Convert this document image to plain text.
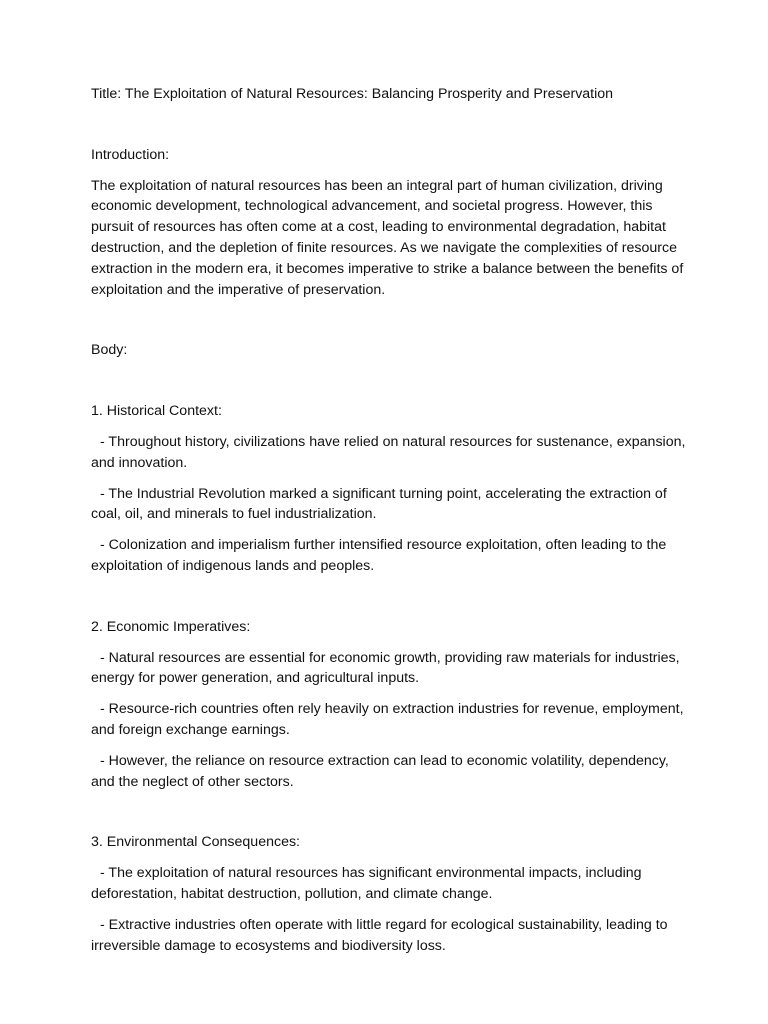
Title: The Exploitation of Natural Resources: Balancing Prosperity and Preservation

Introduction:

The exploitation of natural resources has been an integral part of human civilization, driving economic development, technological advancement, and societal progress. However, this pursuit of resources has often come at a cost, leading to environmental degradation, habitat destruction, and the depletion of finite resources. As we navigate the complexities of resource extraction in the modern era, it becomes imperative to strike a balance between the benefits of exploitation and the imperative of preservation.

Body:

1. Historical Context:

- Throughout history, civilizations have relied on natural resources for sustenance, expansion, and innovation.

- The Industrial Revolution marked a significant turning point, accelerating the extraction of coal, oil, and minerals to fuel industrialization.

- Colonization and imperialism further intensified resource exploitation, often leading to the exploitation of indigenous lands and peoples.

2. Economic Imperatives:

- Natural resources are essential for economic growth, providing raw materials for industries, energy for power generation, and agricultural inputs.

- Resource-rich countries often rely heavily on extraction industries for revenue, employment, and foreign exchange earnings.

- However, the reliance on resource extraction can lead to economic volatility, dependency, and the neglect of other sectors.

3. Environmental Consequences:

- The exploitation of natural resources has significant environmental impacts, including deforestation, habitat destruction, pollution, and climate change.

- Extractive industries often operate with little regard for ecological sustainability, leading to irreversible damage to ecosystems and biodiversity loss.
